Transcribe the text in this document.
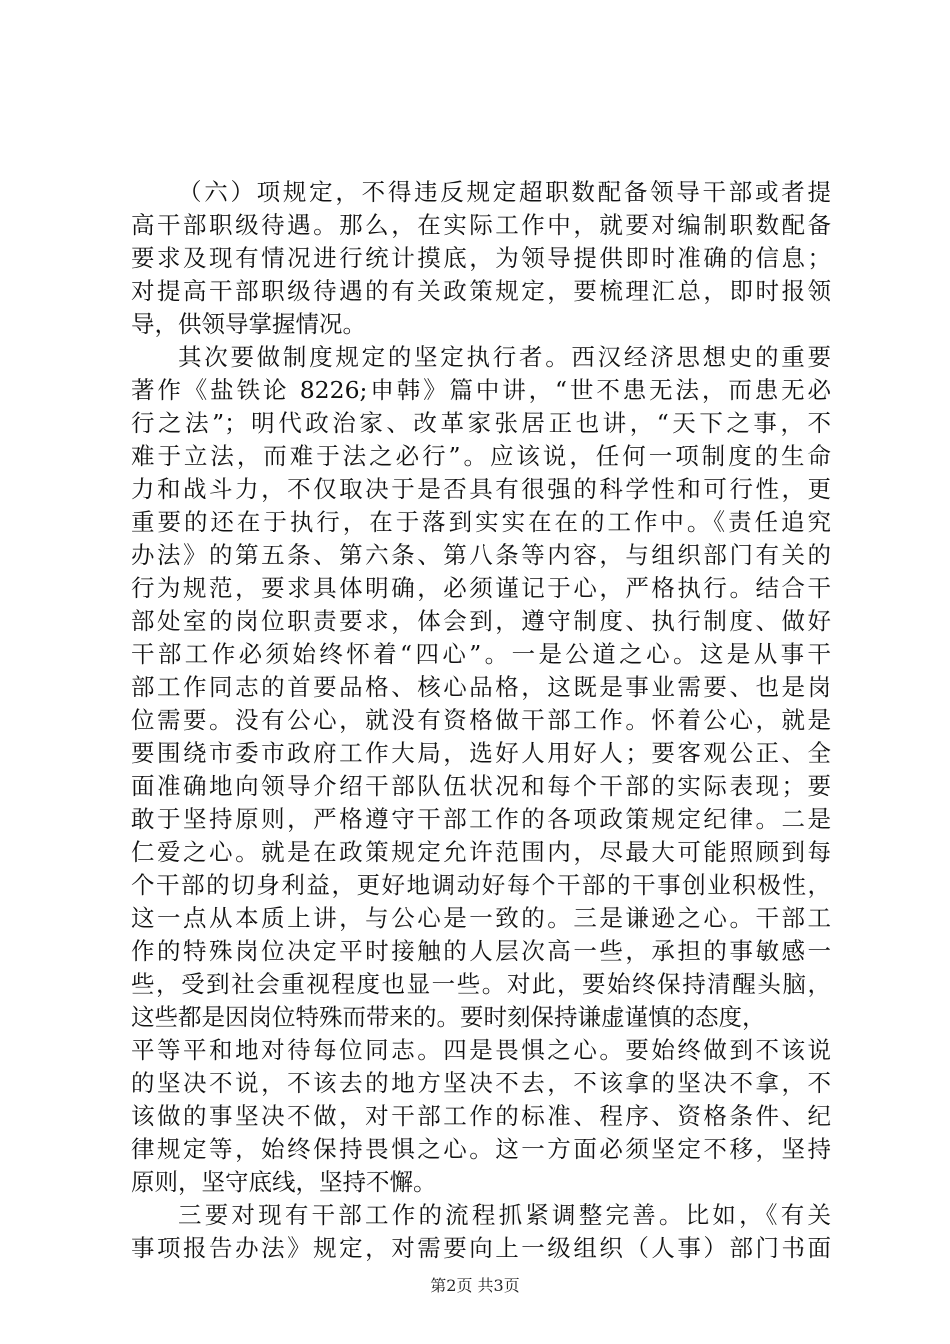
（六）项规定，不得违反规定超职数配备领导干部或者提
高干部职级待遇。那么，在实际工作中，就要对编制职数配备
要求及现有情况进行统计摸底，为领导提供即时准确的信息；
对提高干部职级待遇的有关政策规定，要梳理汇总，即时报领
导，供领导掌握情况。
其次要做制度规定的坚定执行者。西汉经济思想史的重要
著作《盐铁论 8226;申韩》篇中讲，“世不患无法，而患无必
行之法”；明代政治家、改革家张居正也讲，“天下之事，不
难于立法，而难于法之必行”。应该说，任何一项制度的生命
力和战斗力，不仅取决于是否具有很强的科学性和可行性，更
重要的还在于执行，在于落到实实在在的工作中。《责任追究
办法》的第五条、第六条、第八条等内容，与组织部门有关的
行为规范，要求具体明确，必须谨记于心，严格执行。结合干
部处室的岗位职责要求，体会到，遵守制度、执行制度、做好
干部工作必须始终怀着“四心”。一是公道之心。这是从事干
部工作同志的首要品格、核心品格，这既是事业需要、也是岗
位需要。没有公心，就没有资格做干部工作。怀着公心，就是
要围绕市委市政府工作大局，选好人用好人；要客观公正、全
面准确地向领导介绍干部队伍状况和每个干部的实际表现；要
敢于坚持原则，严格遵守干部工作的各项政策规定纪律。二是
仁爱之心。就是在政策规定允许范围内，尽最大可能照顾到每
个干部的切身利益，更好地调动好每个干部的干事创业积极性，
这一点从本质上讲，与公心是一致的。三是谦逊之心。干部工
作的特殊岗位决定平时接触的人层次高一些，承担的事敏感一
些，受到社会重视程度也显一些。对此，要始终保持清醒头脑，
这些都是因岗位特殊而带来的。要时刻保持谦虚谨慎的态度，
平等平和地对待每位同志。四是畏惧之心。要始终做到不该说
的坚决不说，不该去的地方坚决不去，不该拿的坚决不拿，不
该做的事坚决不做，对干部工作的标准、程序、资格条件、纪
律规定等，始终保持畏惧之心。这一方面必须坚定不移，坚持
原则，坚守底线，坚持不懈。
三要对现有干部工作的流程抓紧调整完善。比如，《有关
事项报告办法》规定，对需要向上一级组织（人事）部门书面
第2页 共3页
